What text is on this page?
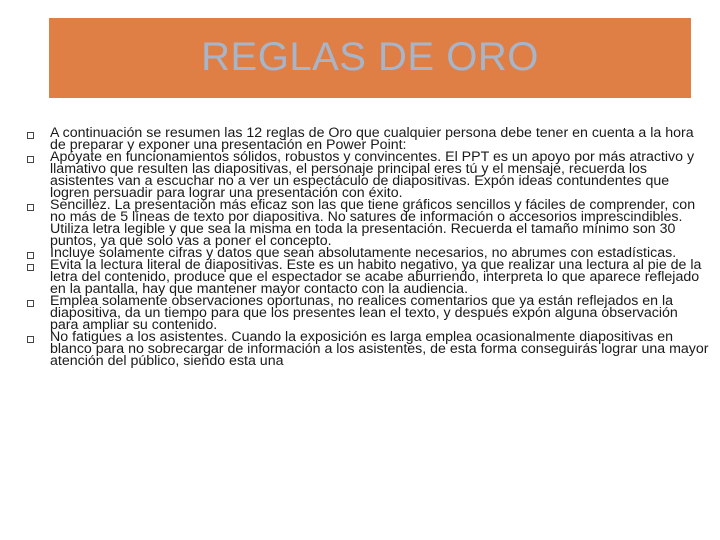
REGLAS DE ORO
A continuación se resumen las 12 reglas de Oro que cualquier persona debe tener en cuenta a la hora de preparar y exponer una presentación en Power Point:
Apóyate en funcionamientos sólidos, robustos y convincentes. El PPT es un apoyo por más atractivo y llamativo que resulten las diapositivas, el personaje principal eres tú y el mensaje, recuerda los asistentes van a escuchar no a ver un espectáculo de diapositivas. Expón ideas contundentes que logren persuadir para lograr una presentación con éxito.
Sencillez. La presentación más eficaz son las que tiene gráficos sencillos y fáciles de comprender, con no más de 5 líneas de texto por diapositiva. No satures de información o accesorios imprescindibles. Utiliza letra legible y que sea la misma en toda la presentación. Recuerda el tamaño mínimo son 30 puntos, ya que solo vas a poner el concepto.
Incluye solamente cifras y datos que sean absolutamente necesarios, no abrumes con estadísticas.
Evita la lectura literal de diapositivas. Este es un habito negativo, ya que realizar una lectura al pie de la letra del contenido, produce que el espectador se acabe aburriendo, interpreta lo que aparece reflejado en la pantalla, hay que mantener mayor contacto con la audiencia.
Emplea solamente observaciones oportunas, no realices comentarios que ya están reflejados en la diapositiva, da un tiempo para que los presentes lean el texto, y después expón alguna observación para ampliar su contenido.
No fatigues a los asistentes. Cuando la exposición es larga emplea ocasionalmente diapositivas en blanco para no sobrecargar de información a los asistentes, de esta forma conseguirás lograr una mayor atención del público, siendo esta una
